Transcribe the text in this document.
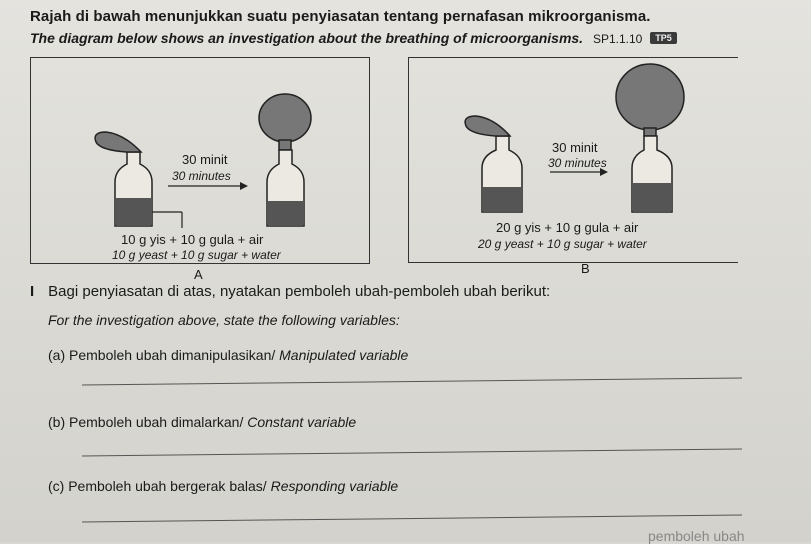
Rajah di bawah menunjukkan suatu penyiasatan tentang pernafasan mikroorganisma.
The diagram below shows an investigation about the breathing of microorganisms. SP1.1.10 TP5
30 minit
30 minutes
10 g yis + 10 g gula + air
10 g yeast + 10 g sugar + water
A
30 minit
30 minutes
20 g yis + 10 g gula + air
20 g yeast + 10 g sugar + water
B
I Bagi penyiasatan di atas, nyatakan pemboleh ubah-pemboleh ubah berikut:
For the investigation above, state the following variables:
(a) Pemboleh ubah dimanipulasikan/ Manipulated variable
(b) Pemboleh ubah dimalarkan/ Constant variable
(c) Pemboleh ubah bergerak balas/ Responding variable
pemboleh ubah
